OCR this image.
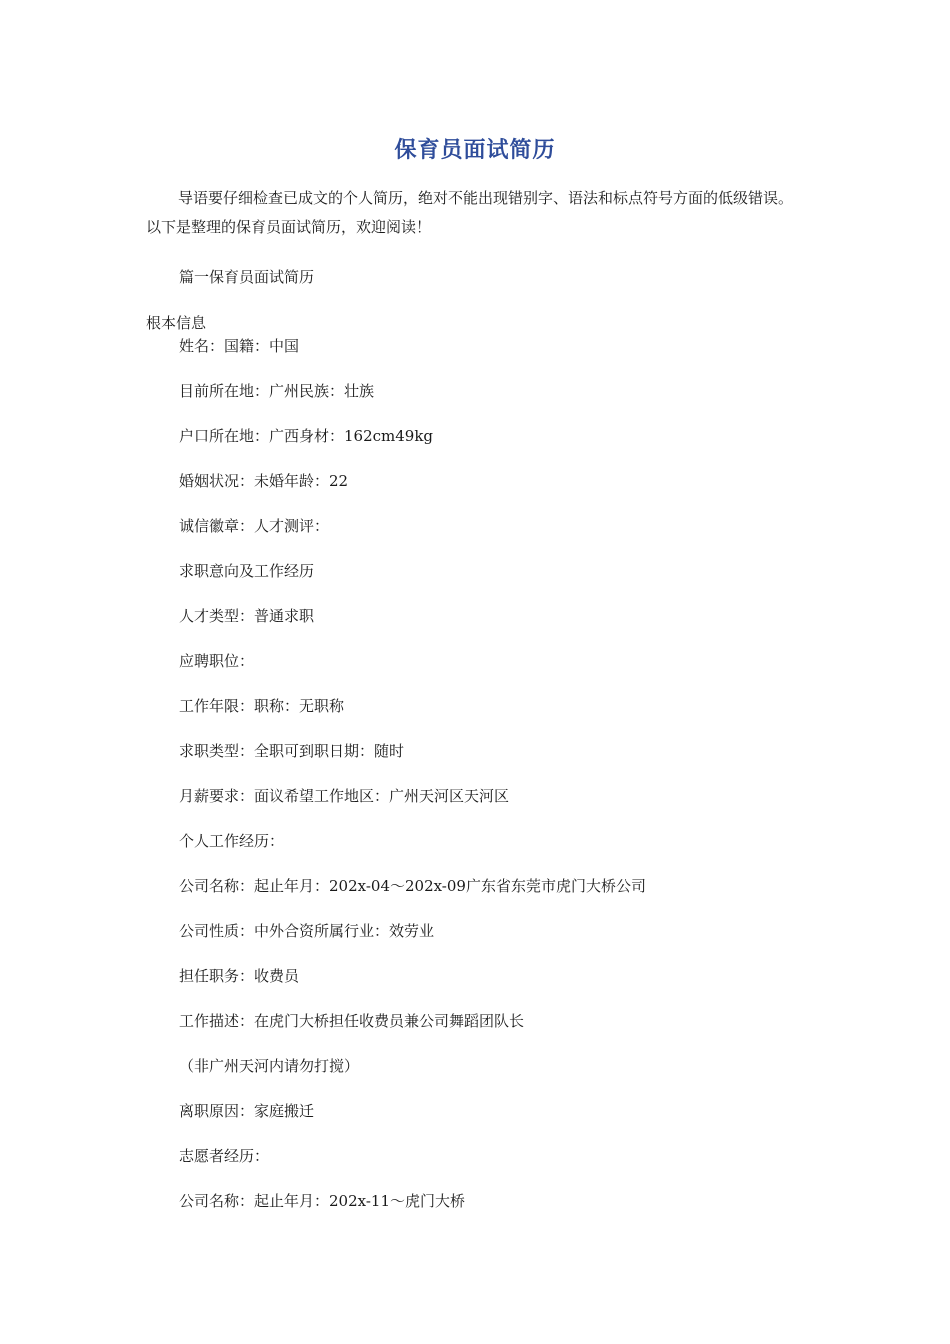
保育员面试简历

导语要仔细检查已成文的个人简历，绝对不能出现错别字、语法和标点符号方面的低级错误。以下是整理的保育员面试简历，欢迎阅读！

篇一保育员面试简历

根本信息

姓名：国籍：中国

目前所在地：广州民族：壮族

户口所在地：广西身材：162cm49kg

婚姻状况：未婚年龄：22

诚信徽章：人才测评：

求职意向及工作经历

人才类型：普通求职

应聘职位：

工作年限：职称：无职称

求职类型：全职可到职日期：随时

月薪要求：面议希望工作地区：广州天河区天河区

个人工作经历：

公司名称：起止年月：202x-04～202x-09广东省东莞市虎门大桥公司

公司性质：中外合资所属行业：效劳业

担任职务：收费员

工作描述：在虎门大桥担任收费员兼公司舞蹈团队长

（非广州天河内请勿打搅）

离职原因：家庭搬迁

志愿者经历：

公司名称：起止年月：202x-11～虎门大桥
